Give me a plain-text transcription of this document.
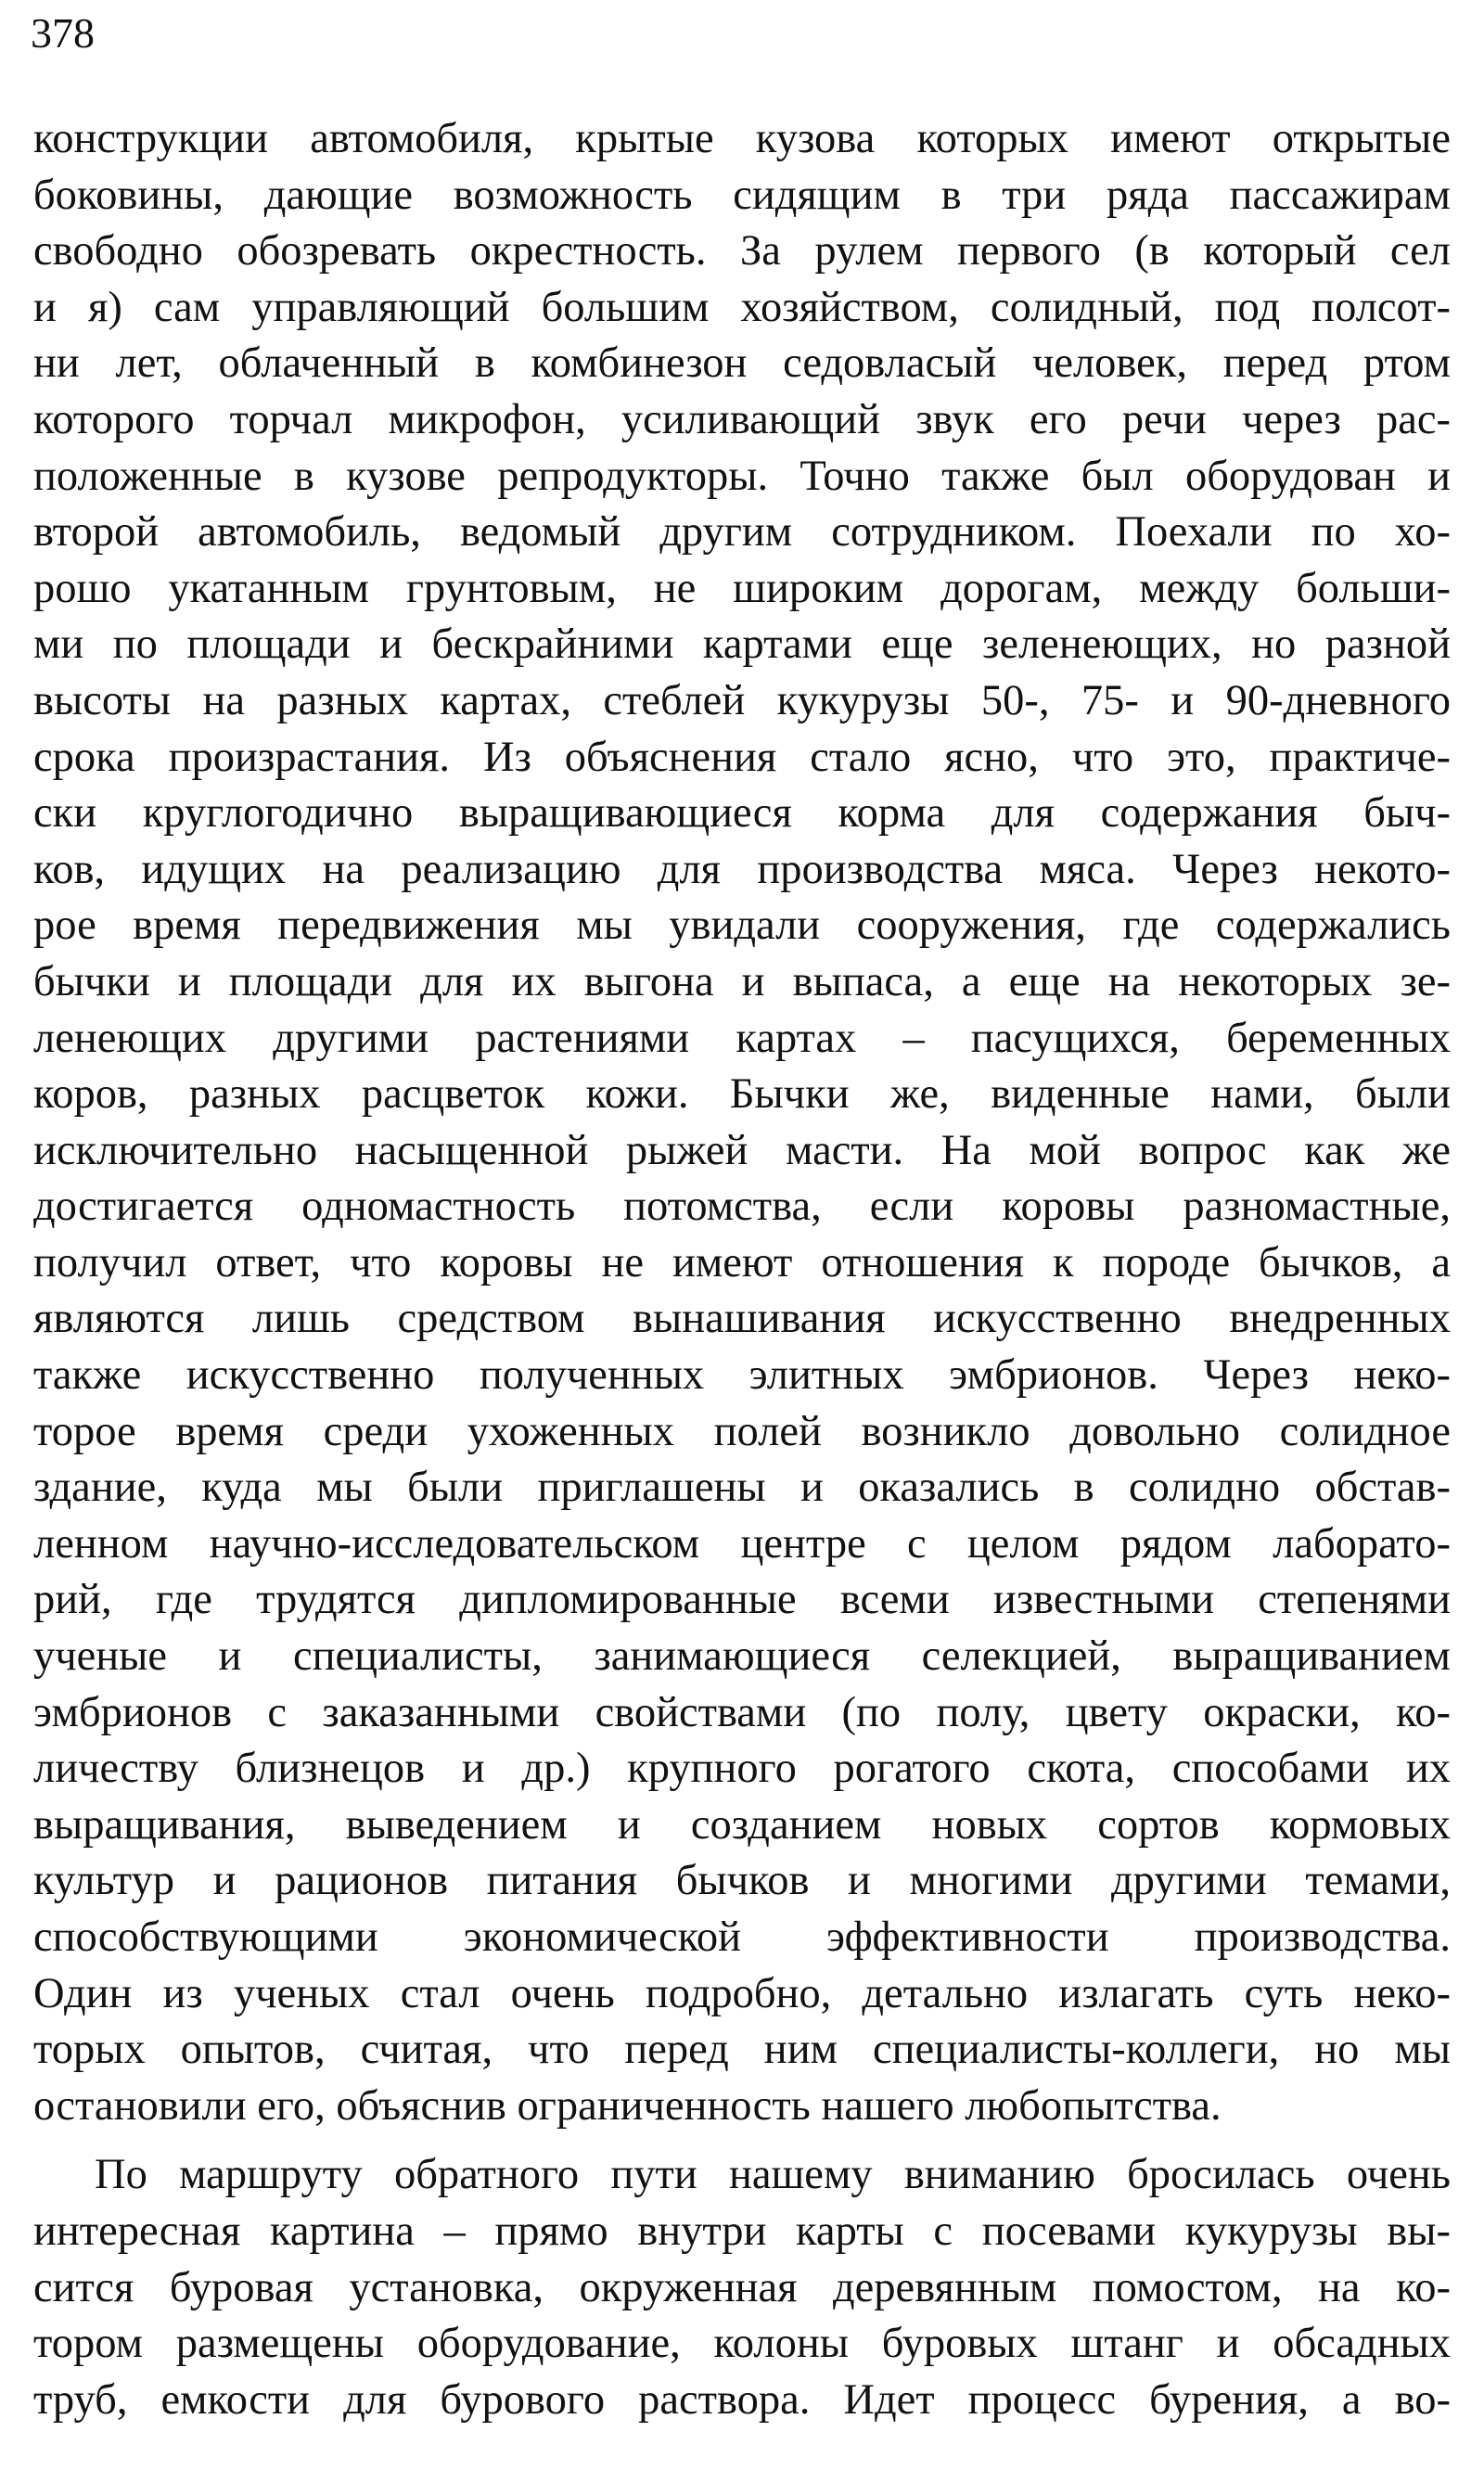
378
конструкции автомобиля, крытые кузова которых имеют открытые
боковины, дающие возможность сидящим в три ряда пассажирам
свободно обозревать окрестность. За рулем первого (в который сел
и я) сам управляющий большим хозяйством, солидный, под полсот-
ни лет, облаченный в комбинезон седовласый человек, перед ртом
которого торчал микрофон, усиливающий звук его речи через рас-
положенные в кузове репродукторы. Точно также был оборудован и
второй автомобиль, ведомый другим сотрудником. Поехали по хо-
рошо укатанным грунтовым, не широким дорогам, между больши-
ми по площади и бескрайними картами еще зеленеющих, но разной
высоты на разных картах, стеблей кукурузы 50-, 75- и 90-дневного
срока произрастания. Из объяснения стало ясно, что это, практиче-
ски круглогодично выращивающиеся корма для содержания быч-
ков, идущих на реализацию для производства мяса. Через некото-
рое время передвижения мы увидали сооружения, где содержались
бычки и площади для их выгона и выпаса, а еще на некоторых зе-
ленеющих другими растениями картах – пасущихся, беременных
коров, разных расцветок кожи. Бычки же, виденные нами, были
исключительно насыщенной рыжей масти. На мой вопрос как же
достигается одномастность потомства, если коровы разномастные,
получил ответ, что коровы не имеют отношения к породе бычков, а
являются лишь средством вынашивания искусственно внедренных
также искусственно полученных элитных эмбрионов. Через неко-
торое время среди ухоженных полей возникло довольно солидное
здание, куда мы были приглашены и оказались в солидно обстав-
ленном научно-исследовательском центре с целом рядом лаборато-
рий, где трудятся дипломированные всеми известными степенями
ученые и специалисты, занимающиеся селекцией, выращиванием
эмбрионов с заказанными свойствами (по полу, цвету окраски, ко-
личеству близнецов и др.) крупного рогатого скота, способами их
выращивания, выведением и созданием новых сортов кормовых
культур и рационов питания бычков и многими другими темами,
способствующими экономической эффективности производства.
Один из ученых стал очень подробно, детально излагать суть неко-
торых опытов, считая, что перед ним специалисты-коллеги, но мы
остановили его, объяснив ограниченность нашего любопытства.
По маршруту обратного пути нашему вниманию бросилась очень
интересная картина – прямо внутри карты с посевами кукурузы вы-
сится буровая установка, окруженная деревянным помостом, на ко-
тором размещены оборудование, колоны буровых штанг и обсадных
труб, емкости для бурового раствора. Идет процесс бурения, а во-
